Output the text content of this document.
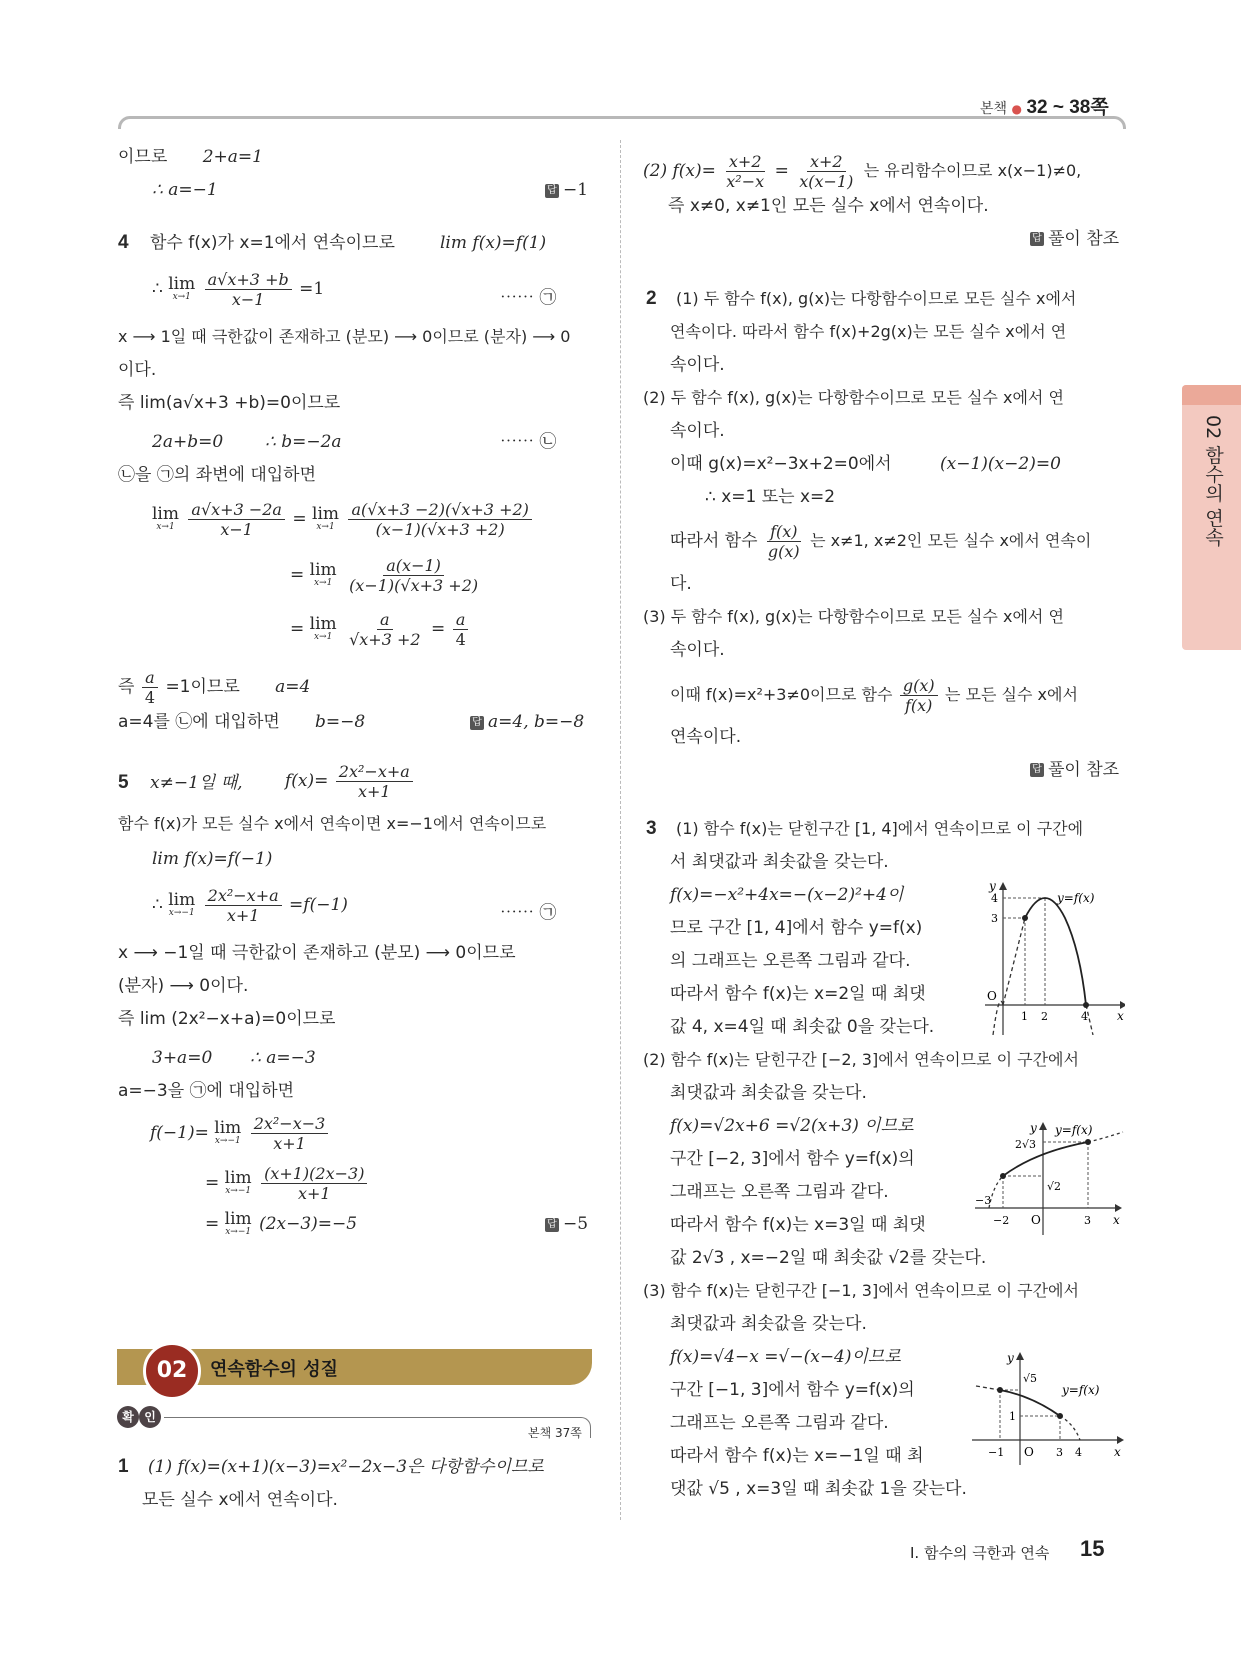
본책 ● 32 ~ 38쪽
02 함수의 연속
이므로 2+a=1
∴ a=−1	답 −1
4 함수 f(x)가 x=1에서 연속이므로	lim f(x)=f(1)
∴ lim
x→1
$\frac{a√x+3 +b}{x-1} =1$	⋯⋯ ㉠
x ⟶ 1일 때 극한값이 존재하고 (분모) ⟶ 0이므로 (분자) ⟶ 0
이다.
즉 lim(a√x+3 +b)=0이므로
2a+b=0 ∴ b=−2a	⋯⋯ ㉡
㉡을 ㉠의 좌변에 대입하면
lim
x→1
$\frac{a√x+3 -2a}{x-1} = \lim$
x→1
$\frac{a(√x+3 -2)(√x+3 +2)}{(x-1)(√x+3 +2)}$
= lim
x→1
$\frac{a(x-1)}{(x-1)(√x+3 +2)}$
= lim
x→1
$\frac{a}{√x+3 +2} = \frac{a}{4}$
즉 $\frac{a}{4} =1$이므로 a=4
a=4를 ㉡에 대입하면 b=−8	답 a=4, b=−8
5 x≠−1일 때, $f(x)= \frac{\text{2x²−x+a}}{x+1}$
함수 f(x)가 모든 실수 x에서 연속이면 x=−1에서 연속이므로
lim f(x)=f(−1)
∴ lim
x→−1
$\frac{\text{2x²−x+a}}{x+1} =f(-1)$	⋯⋯ ㉠
x ⟶ −1일 때 극한값이 존재하고 (분모) ⟶ 0이므로
(분자) ⟶ 0이다.
즉 lim (2x²−x+a)=0이므로
3+a=0 ∴ a=−3
a=−3을 ㉠에 대입하면
f(−1)= lim
x→−1
$\frac{\text{2x²−x−3}}{x+1}$
= lim
x→−1
$\frac{(x+1)(2x-3)}{x+1}$
= lim
x→−1 (2x−3)=−5	답 −5
02	연속함수의 성질
확 인
본책 37쪽
1 (1) f(x)=(x+1)(x−3)=x²−2x−3은 다항함수이므로
모든 실수 x에서 연속이다.
(2) $f(x)= \frac{x+2}{\text{x²−x}} = \frac{x+2}{x(x-1)}$ 는 유리함수이므로 x(x−1)≠0,
즉 x≠0, x≠1인 모든 실수 x에서 연속이다.
답 풀이 참조
2 (1) 두 함수 f(x), g(x)는 다항함수이므로 모든 실수 x에서
연속이다. 따라서 함수 f(x)+2g(x)는 모든 실수 x에서 연
속이다.
(2) 두 함수 f(x), g(x)는 다항함수이므로 모든 실수 x에서 연
속이다.
이때 g(x)=x²−3x+2=0에서	(x−1)(x−2)=0
∴ x=1 또는 x=2
따라서 함수 $\frac{f(x)}{g(x)}$ 는 x≠1, x≠2인 모든 실수 x에서 연속이
다.
(3) 두 함수 f(x), g(x)는 다항함수이므로 모든 실수 x에서 연
속이다.
이때 f(x)=x²+3≠0이므로 함수 $\frac{g(x)}{f(x)}$ 는 모든 실수 x에서
연속이다.
답 풀이 참조
3 (1) 함수 f(x)는 닫힌구간 [1, 4]에서 연속이므로 이 구간에
서 최댓값과 최솟값을 갖는다.
f(x)=−x²+4x=−(x−2)²+4이
므로 구간 [1, 4]에서 함수 y=f(x)
의 그래프는 오른쪽 그림과 같다.
따라서 함수 f(x)는 x=2일 때 최댓
값 4, x=4일 때 최솟값 0을 갖는다.
y
x
O
1 2	4
3
4	y=f(x)
(2) 함수 f(x)는 닫힌구간 [−2, 3]에서 연속이므로 이 구간에서
최댓값과 최솟값을 갖는다.
f(x)=√2x+6 =√2(x+3) 이므로
구간 [−2, 3]에서 함수 y=f(x)의
그래프는 오른쪽 그림과 같다.
따라서 함수 f(x)는 x=3일 때 최댓
값 2√3 , x=−2일 때 최솟값 √2를 갖는다.
y
x
O
−3
−2	3
√2
2√3
y=f(x)
(3) 함수 f(x)는 닫힌구간 [−1, 3]에서 연속이므로 이 구간에서
최댓값과 최솟값을 갖는다.
f(x)=√4−x =√−(x−4)이므로
구간 [−1, 3]에서 함수 y=f(x)의
그래프는 오른쪽 그림과 같다.
따라서 함수 f(x)는 x=−1일 때 최
댓값 √5 , x=3일 때 최솟값 1을 갖는다.
y
x
O
−1	3 4
1
√5
y=f(x)
Ⅰ. 함수의 극한과 연속 15
